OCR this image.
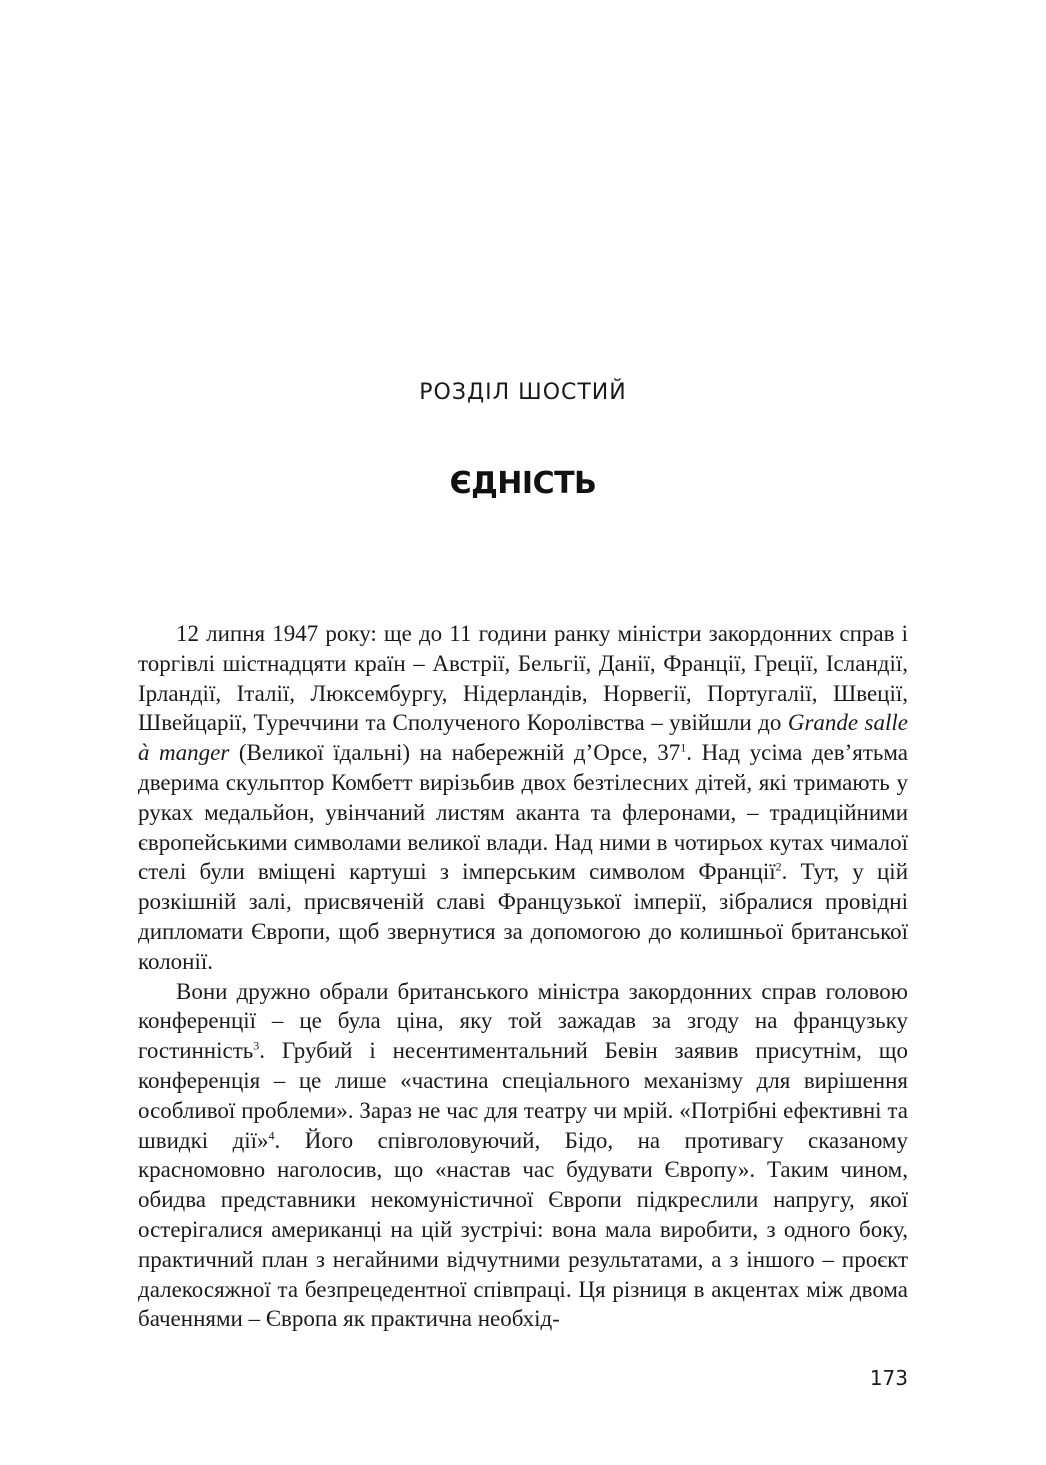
РОЗДІЛ ШОСТИЙ
ЄДНІСТЬ

12 липня 1947 року: ще до 11 години ранку міністри закордонних справ і торгівлі шістнадцяти країн – Австрії, Бельгії, Данії, Франції, Греції, Ісландії, Ірландії, Італії, Люксембургу, Нідерландів, Норвегії, Португалії, Швеції, Швейцарії, Туреччини та Сполученого Королівства – увійшли до Grande salle à manger (Великої їдальні) на набережній д’Орсе, $37^1$. Над усіма дев’ятьма дверима скульптор Комбетт вирізьбив двох безтілесних дітей, які тримають у руках медальйон, увінчаний листям аканта та флеронами, – традиційними європейськими символами великої влади. Над ними в чотирьох кутах чималої стелі були вміщені картуші з імперським символом Франції$^2$. Тут, у цій розкішній залі, присвяченій славі Французької імперії, зібралися провідні дипломати Європи, щоб звернутися за допомогою до колишньої британської колонії.

Вони дружно обрали британського міністра закордонних справ головою конференції – це була ціна, яку той зажадав за згоду на французьку гостинність$^3$. Грубий і несентиментальний Бевін заявив присутнім, що конференція – це лише «частина спеціального механізму для вирішення особливої проблеми». Зараз не час для театру чи мрій. «Потрібні ефективні та швидкі дії»$^4$. Його співголовуючий, Бідо, на противагу сказаному красномовно наголосив, що «настав час будувати Європу». Таким чином, обидва представники некомуністичної Європи підкреслили напругу, якої остерігалися американці на цій зустрічі: вона мала виробити, з одного боку, практичний план з негайними відчутними результатами, а з іншого – проєкт далекосяжної та безпрецедентної співпраці. Ця різниця в акцентах між двома баченнями – Європа як практична необхід-

173
